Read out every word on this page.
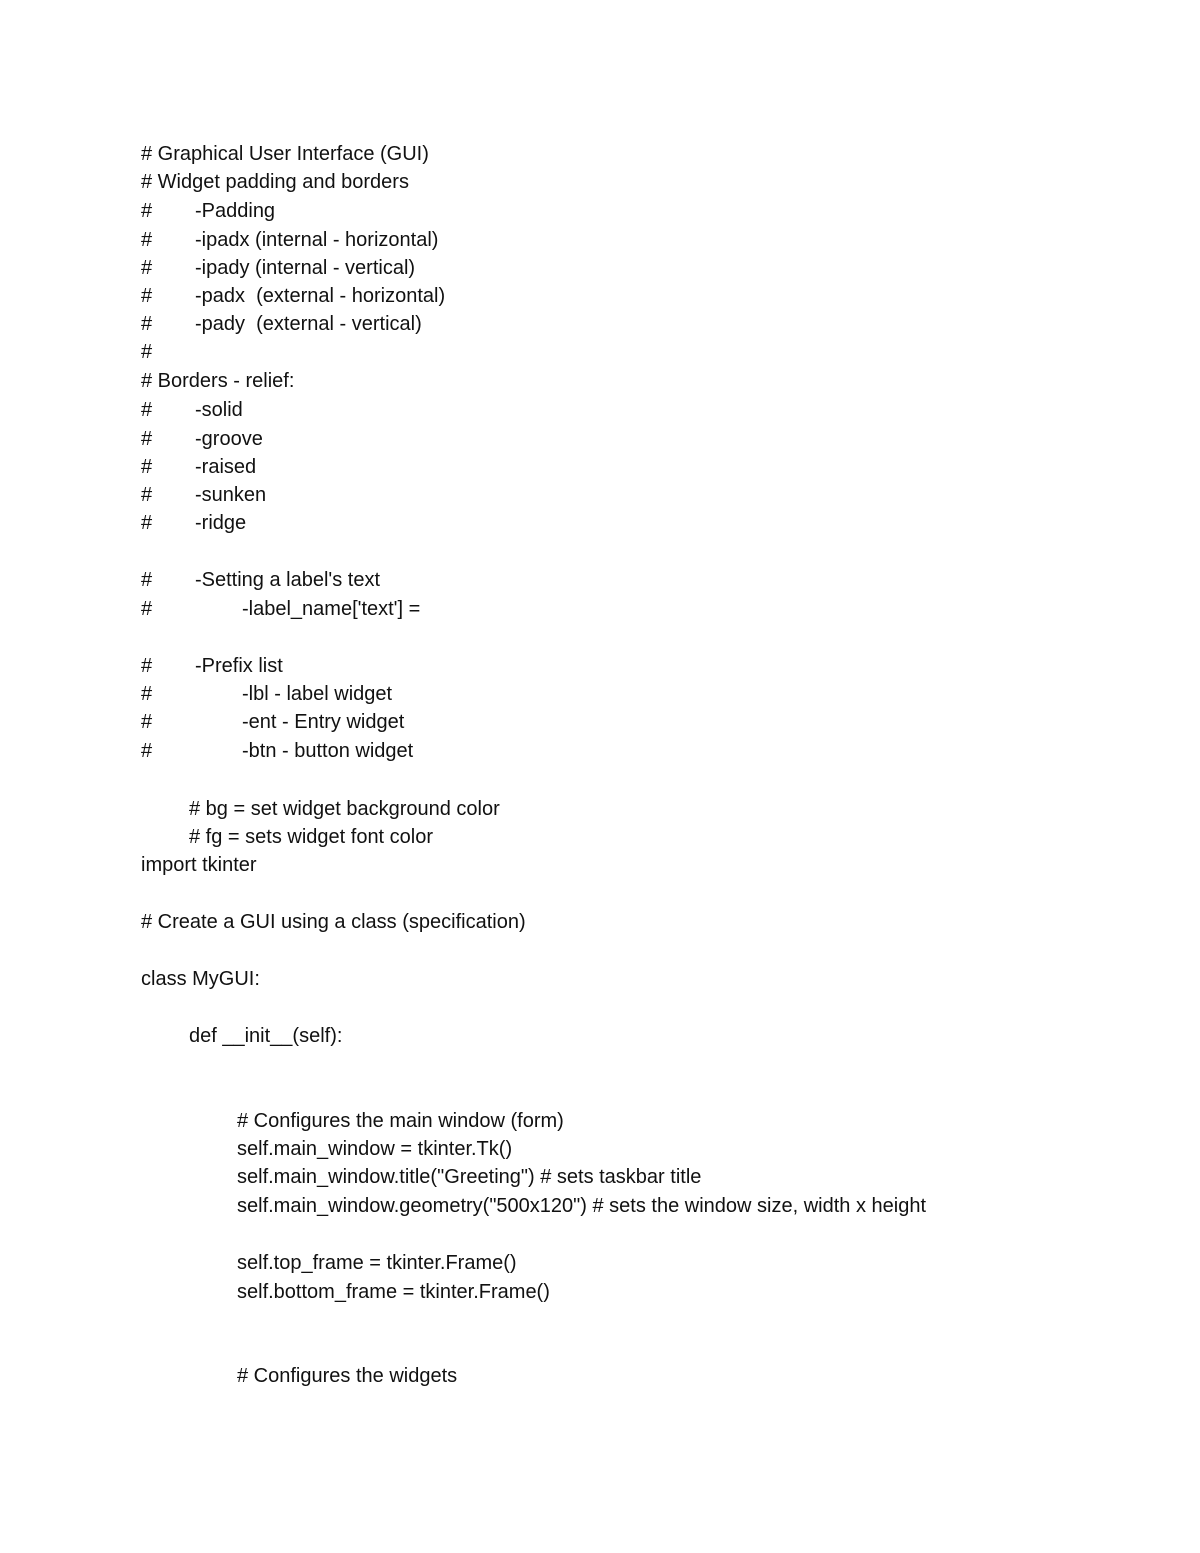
# Graphical User Interface (GUI)
# Widget padding and borders
# -Padding
# -ipadx (internal - horizontal)
# -ipady (internal - vertical)
# -padx  (external - horizontal)
# -pady  (external - vertical)
#
# Borders - relief:
# -solid
# -groove
# -raised
# -sunken
# -ridge
# -Setting a label's text
#	-label_name['text'] =
# -Prefix list
#	-lbl - label widget
#	-ent - Entry widget
#	-btn - button widget
# bg = set widget background color
# fg = sets widget font color
import tkinter
# Create a GUI using a class (specification)
class MyGUI:
def __init__(self):
# Configures the main window (form)
self.main_window = tkinter.Tk()
self.main_window.title("Greeting") # sets taskbar title
self.main_window.geometry("500x120") # sets the window size, width x height
self.top_frame = tkinter.Frame()
self.bottom_frame = tkinter.Frame()
# Configures the widgets
